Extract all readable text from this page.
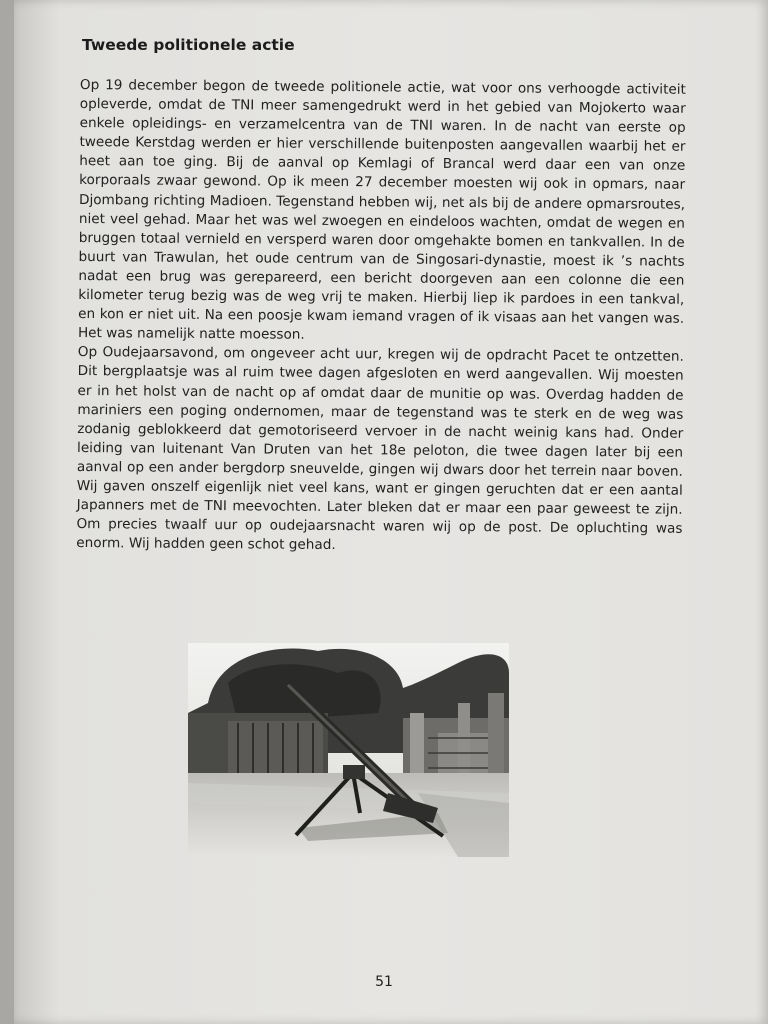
Tweede politionele actie

Op 19 december begon de tweede politionele actie, wat voor ons verhoogde activiteit opleverde, omdat de TNI meer samengedrukt werd in het gebied van Mojokerto waar enkele opleidings- en verzamelcentra van de TNI waren. In de nacht van eerste op tweede Kerstdag werden er hier verschillende buitenposten aangevallen waarbij het er heet aan toe ging. Bij de aanval op Kemlagi of Brancal werd daar een van onze korporaals zwaar gewond. Op ik meen 27 december moesten wij ook in opmars, naar Djombang richting Madioen. Tegenstand hebben wij, net als bij de andere opmarsroutes, niet veel gehad. Maar het was wel zwoegen en eindeloos wachten, omdat de wegen en bruggen totaal vernield en versperd waren door omgehakte bomen en tankvallen. In de buurt van Trawulan, het oude centrum van de Singosari-dynastie, moest ik ’s nachts nadat een brug was gerepareerd, een bericht doorgeven aan een colonne die een kilometer terug bezig was de weg vrij te maken. Hierbij liep ik pardoes in een tankval, en kon er niet uit. Na een poosje kwam iemand vragen of ik visaas aan het vangen was. Het was namelijk natte moesson.

Op Oudejaarsavond, om ongeveer acht uur, kregen wij de opdracht Pacet te ontzetten. Dit bergplaatsje was al ruim twee dagen afgesloten en werd aangevallen. Wij moesten er in het holst van de nacht op af omdat daar de munitie op was. Overdag hadden de mariniers een poging ondernomen, maar de tegenstand was te sterk en de weg was zodanig geblokkeerd dat gemotoriseerd vervoer in de nacht weinig kans had. Onder leiding van luitenant Van Druten van het 18e peloton, die twee dagen later bij een aanval op een ander bergdorp sneuvelde, gingen wij dwars door het terrein naar boven. Wij gaven onszelf eigenlijk niet veel kans, want er gingen geruchten dat er een aantal Japanners met de TNI meevochten. Later bleken dat er maar een paar geweest te zijn. Om precies twaalf uur op oudejaarsnacht waren wij op de post. De opluchting was enorm. Wij hadden geen schot gehad.

51
